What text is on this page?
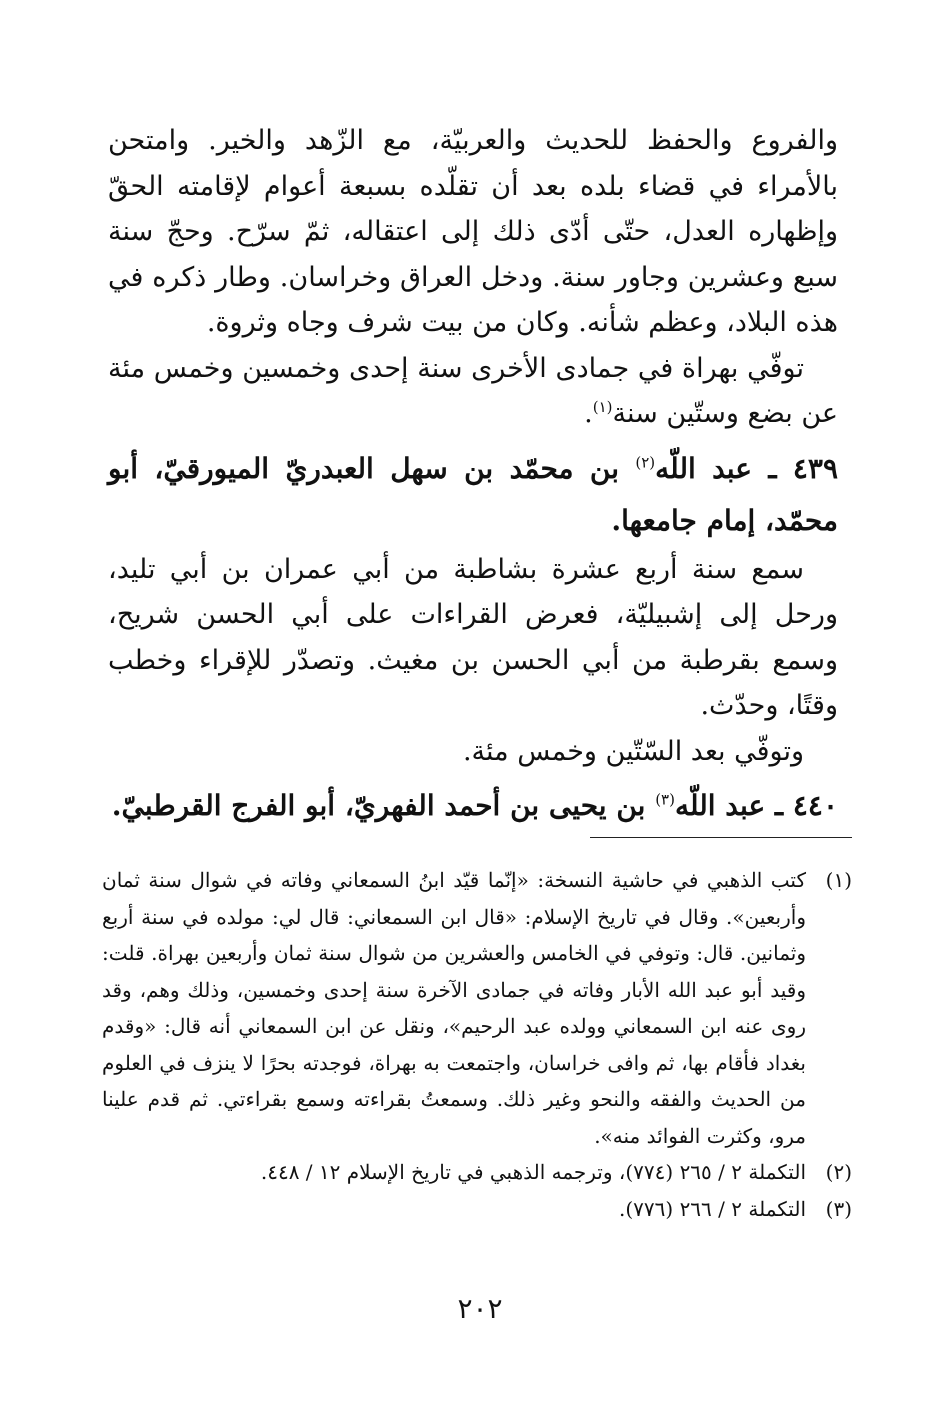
والفروع والحفظ للحديث والعربيّة، مع الزّهد والخير. وامتحن بالأمراء في قضاء بلده بعد أن تقلّده بسبعة أعوام لإقامته الحقّ وإظهاره العدل، حتّى أدّى ذلك إلى اعتقاله، ثمّ سرّح. وحجّ سنة سبع وعشرين وجاور سنة. ودخل العراق وخراسان. وطار ذكره في هذه البلاد، وعظم شأنه. وكان من بيت شرف وجاه وثروة.

توفّي بهراة في جمادى الأخرى سنة إحدى وخمسين وخمس مئة عن بضع وستّين سنة$^{(١)}$.

٤٣٩ ـ عبد اللّه$^{(٢)}$ بن محمّد بن سهل العبدريّ الميورقيّ، أبو محمّد، إمام جامعها.

سمع سنة أربع عشرة بشاطبة من أبي عمران بن أبي تليد، ورحل إلى إشبيليّة، فعرض القراءات على أبي الحسن شريح، وسمع بقرطبة من أبي الحسن بن مغيث. وتصدّر للإقراء وخطب وقتًا، وحدّث.

وتوفّي بعد السّتّين وخمس مئة.

٤٤٠ ـ عبد اللّه$^{(٣)}$ بن يحيى بن أحمد الفهريّ، أبو الفرج القرطبيّ.

(١)
كتب الذهبي في حاشية النسخة: «إنّما قيّد ابنُ السمعاني وفاته في شوال سنة ثمان وأربعين». وقال في تاريخ الإسلام: «قال ابن السمعاني: قال لي: مولده في سنة أربع وثمانين. قال: وتوفي في الخامس والعشرين من شوال سنة ثمان وأربعين بهراة. قلت: وقيد أبو عبد الله الأبار وفاته في جمادى الآخرة سنة إحدى وخمسين، وذلك وهم، وقد روى عنه ابن السمعاني وولده عبد الرحيم»، ونقل عن ابن السمعاني أنه قال: «وقدم بغداد فأقام بها، ثم وافى خراسان، واجتمعت به بهراة، فوجدته بحرًا لا ينزف في العلوم من الحديث والفقه والنحو وغير ذلك. وسمعتُ بقراءته وسمع بقراءتي. ثم قدم علينا مرو، وكثرت الفوائد منه».
(٢)
التكملة ٢ / ٢٦٥ (٧٧٤)، وترجمه الذهبي في تاريخ الإسلام ١٢ / ٤٤٨.
(٣)
التكملة ٢ / ٢٦٦ (٧٧٦).
٢٠٢
